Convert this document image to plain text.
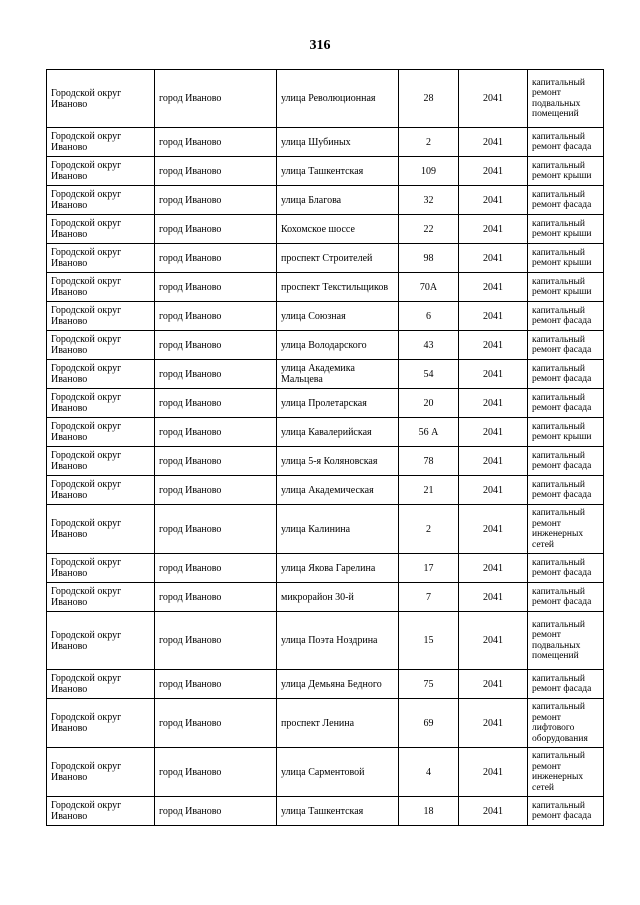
316
Городской округ Иваново	город Иваново	улица Революционная	28	2041	капитальный ремонт подвальных помещений
Городской округ Иваново	город Иваново	улица Шубиных	2	2041	капитальный ремонт фасада
Городской округ Иваново	город Иваново	улица Ташкентская	109	2041	капитальный ремонт крыши
Городской округ Иваново	город Иваново	улица Благова	32	2041	капитальный ремонт фасада
Городской округ Иваново	город Иваново	Кохомское шоссе	22	2041	капитальный ремонт крыши
Городской округ Иваново	город Иваново	проспект Строителей	98	2041	капитальный ремонт крыши
Городской округ Иваново	город Иваново	проспект Текстильщиков	70А	2041	капитальный ремонт крыши
Городской округ Иваново	город Иваново	улица Союзная	6	2041	капитальный ремонт фасада
Городской округ Иваново	город Иваново	улица Володарского	43	2041	капитальный ремонт фасада
Городской округ Иваново	город Иваново	улица Академика Мальцева	54	2041	капитальный ремонт фасада
Городской округ Иваново	город Иваново	улица Пролетарская	20	2041	капитальный ремонт фасада
Городской округ Иваново	город Иваново	улица Кавалерийская	56 А	2041	капитальный ремонт крыши
Городской округ Иваново	город Иваново	улица 5-я Коляновская	78	2041	капитальный ремонт фасада
Городской округ Иваново	город Иваново	улица Академическая	21	2041	капитальный ремонт фасада
Городской округ Иваново	город Иваново	улица Калинина	2	2041	капитальный ремонт инженерных сетей
Городской округ Иваново	город Иваново	улица Якова Гарелина	17	2041	капитальный ремонт фасада
Городской округ Иваново	город Иваново	микрорайон 30-й	7	2041	капитальный ремонт фасада
Городской округ Иваново	город Иваново	улица Поэта Ноздрина	15	2041	капитальный ремонт подвальных помещений
Городской округ Иваново	город Иваново	улица Демьяна Бедного	75	2041	капитальный ремонт фасада
Городской округ Иваново	город Иваново	проспект Ленина	69	2041	капитальный ремонт лифтового оборудования
Городской округ Иваново	город Иваново	улица Сарментовой	4	2041	капитальный ремонт инженерных сетей
Городской округ Иваново	город Иваново	улица Ташкентская	18	2041	капитальный ремонт фасада
